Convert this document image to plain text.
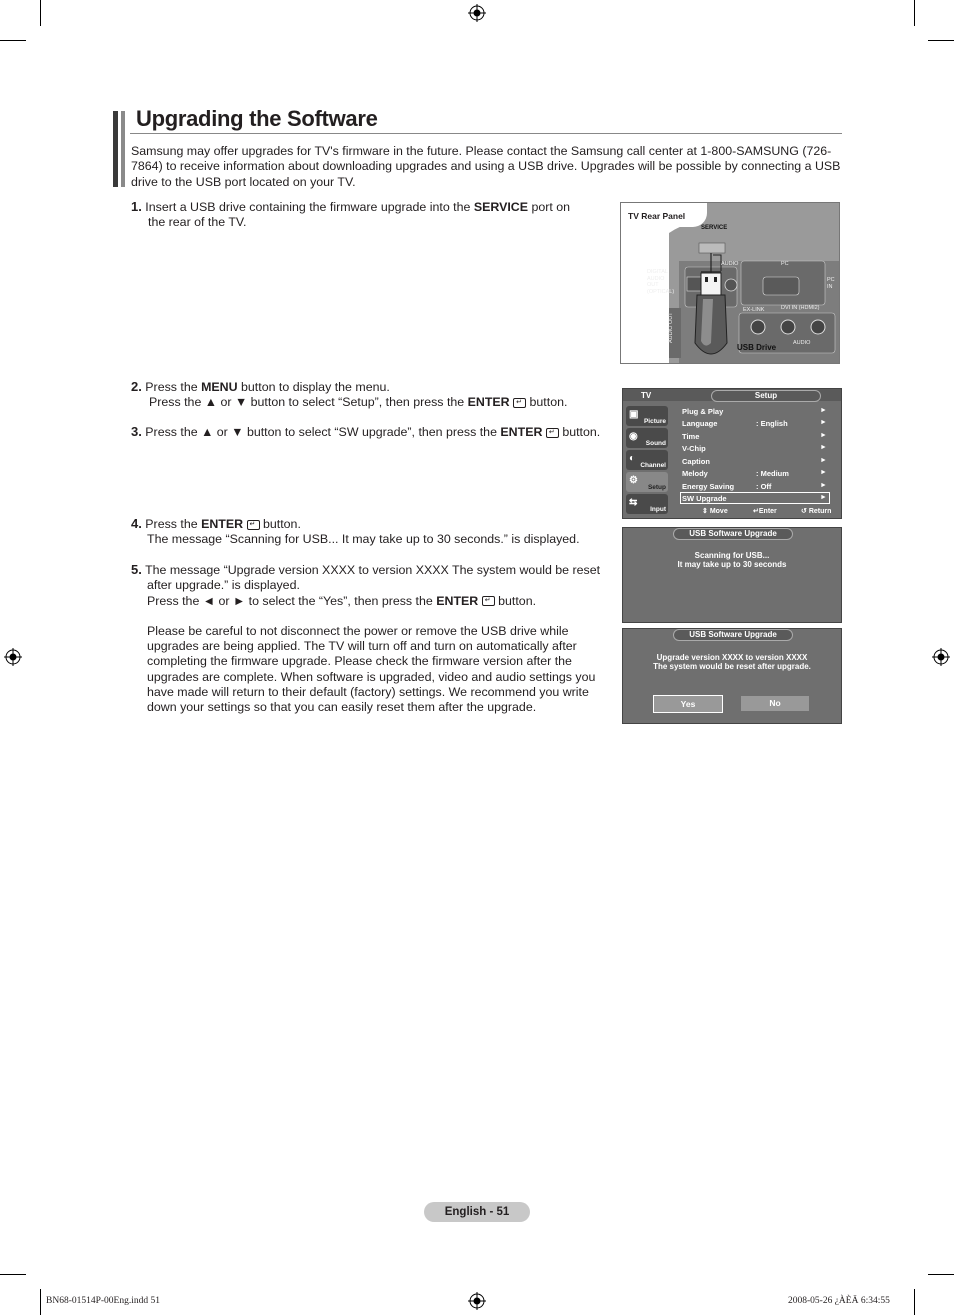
Upgrading the Software
Samsung may offer upgrades for TV's firmware in the future. Please contact the Samsung call center at 1-800-SAMSUNG (726-7864) to receive information about downloading upgrades and using a USB drive. Upgrades will be possible by connecting a USB drive to the USB port located on your TV.
1. Insert a USB drive containing the firmware upgrade into the SERVICE port on
the rear of the TV.	TV Rear Panel
SERVICE
AUDIO	PC
DIGITAL
AUDIO
OUT
(OPTICAL)
PC
IN
EX-LINK	DVI IN (HDMI2)
AUDIO
AUDIO OUT
USB Drive
2. Press the MENU button to display the menu.
Press the ▲ or ▼ button to select “Setup”, then press the ENTER ↵ button.
3. Press the ▲ or ▼ button to select “SW upgrade”, then press the ENTER ↵ button.
TV	Setup
▣
Picture
◉
Sound
◐
Channel
⚙
Setup
⇆
Input
Plug & Play	►
Language	: English	►
Time	►
V-Chip	►
Caption	►
Melody	: Medium	►
Energy Saving	: Off	►
SW Upgrade	►
⇕ Move	↵Enter	↺ Return
4. Press the ENTER ↵ button.
The message “Scanning for USB... It may take up to 30 seconds.” is displayed.
5. The message “Upgrade version XXXX to version XXXX The system would be reset
after upgrade.” is displayed.
Press the ◄ or ► to select the “Yes”, then press the ENTER ↵ button.
Please be careful to not disconnect the power or remove the USB drive while
upgrades are being applied. The TV will turn off and turn on automatically after
completing the firmware upgrade. Please check the firmware version after the
upgrades are complete. When software is upgraded, video and audio settings you
have made will return to their default (factory) settings. We recommend you write
down your settings so that you can easily reset them after the upgrade.
USB Software Upgrade
Scanning for USB...
It may take up to 30 seconds
USB Software Upgrade
Upgrade version XXXX to version XXXX
The system would be reset after upgrade.
Yes	No
English - 51
BN68-01514P-00Eng.indd 51	2008-05-26 ¿ÀÈÄ 6:34:55
